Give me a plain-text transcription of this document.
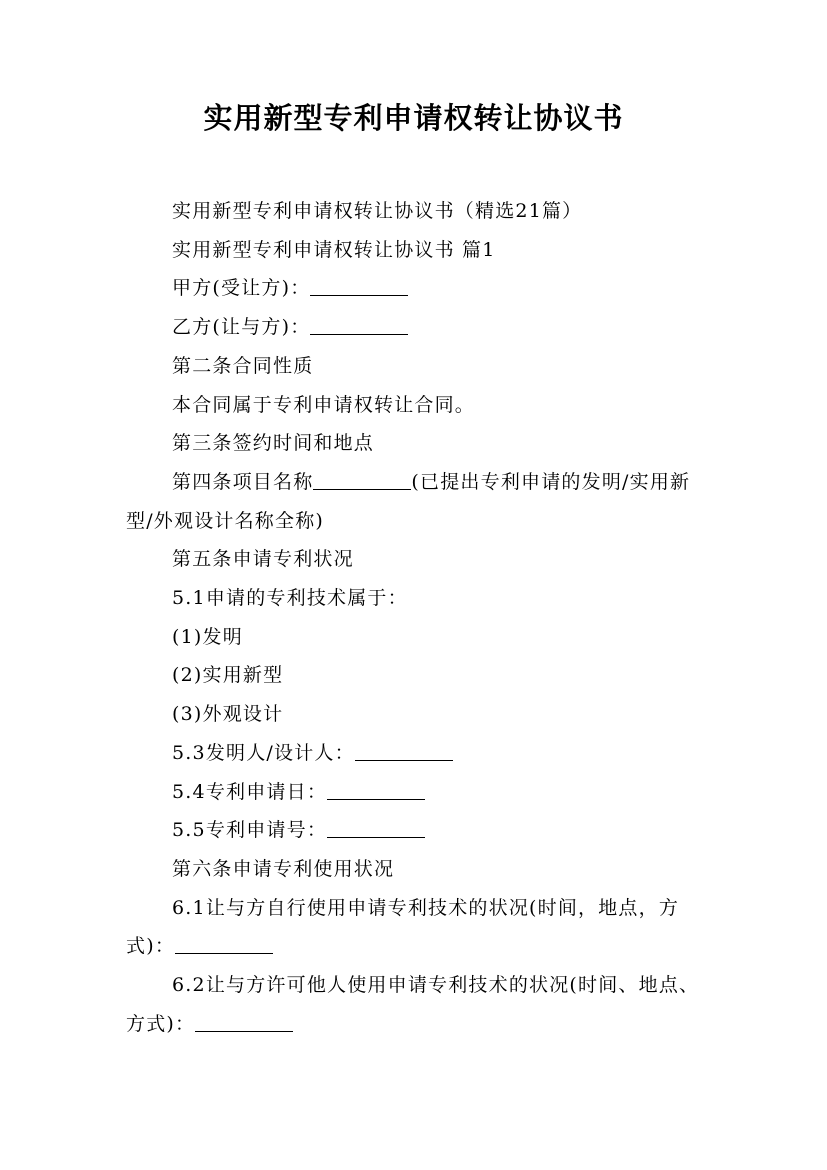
实用新型专利申请权转让协议书

实用新型专利申请权转让协议书（精选21篇）

实用新型专利申请权转让协议书 篇1

甲方(受让方)：

乙方(让与方)：

第二条合同性质

本合同属于专利申请权转让合同。

第三条签约时间和地点

第四条项目名称	(已提出专利申请的发明/实用新型/外观设计名称全称)

第五条申请专利状况

5.1申请的专利技术属于：

(1)发明

(2)实用新型

(3)外观设计

5.3发明人/设计人：

5.4专利申请日：

5.5专利申请号：

第六条申请专利使用状况

6.1让与方自行使用申请专利技术的状况(时间，地点，方式)：

6.2让与方许可他人使用申请专利技术的状况(时间、地点、方式)：
